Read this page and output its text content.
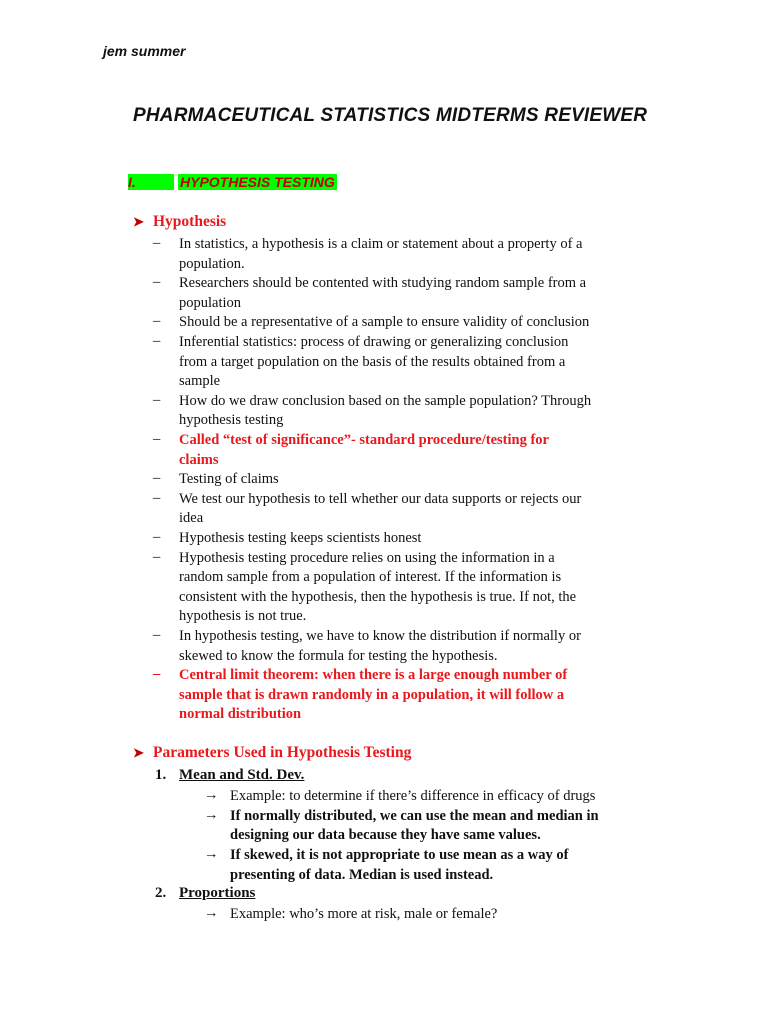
jem summer
PHARMACEUTICAL STATISTICS MIDTERMS REVIEWER
I.	HYPOTHESIS TESTING
➤ Hypothesis
– In statistics, a hypothesis is a claim or statement about a property of a
population.
– Researchers should be contented with studying random sample from a
population
– Should be a representative of a sample to ensure validity of conclusion
– Inferential statistics: process of drawing or generalizing conclusion
from a target population on the basis of the results obtained from a
sample
– How do we draw conclusion based on the sample population? Through
hypothesis testing
– Called “test of significance”- standard procedure/testing for
claims
– Testing of claims
– We test our hypothesis to tell whether our data supports or rejects our
idea
– Hypothesis testing keeps scientists honest
– Hypothesis testing procedure relies on using the information in a
random sample from a population of interest. If the information is
consistent with the hypothesis, then the hypothesis is true. If not, the
hypothesis is not true.
– In hypothesis testing, we have to know the distribution if normally or
skewed to know the formula for testing the hypothesis.
– Central limit theorem: when there is a large enough number of
sample that is drawn randomly in a population, it will follow a
normal distribution
➤ Parameters Used in Hypothesis Testing
1. Mean and Std. Dev.
→ Example: to determine if there’s difference in efficacy of drugs
→ If normally distributed, we can use the mean and median in
designing our data because they have same values.
→ If skewed, it is not appropriate to use mean as a way of
presenting of data. Median is used instead.
2. Proportions
→ Example: who’s more at risk, male or female?
